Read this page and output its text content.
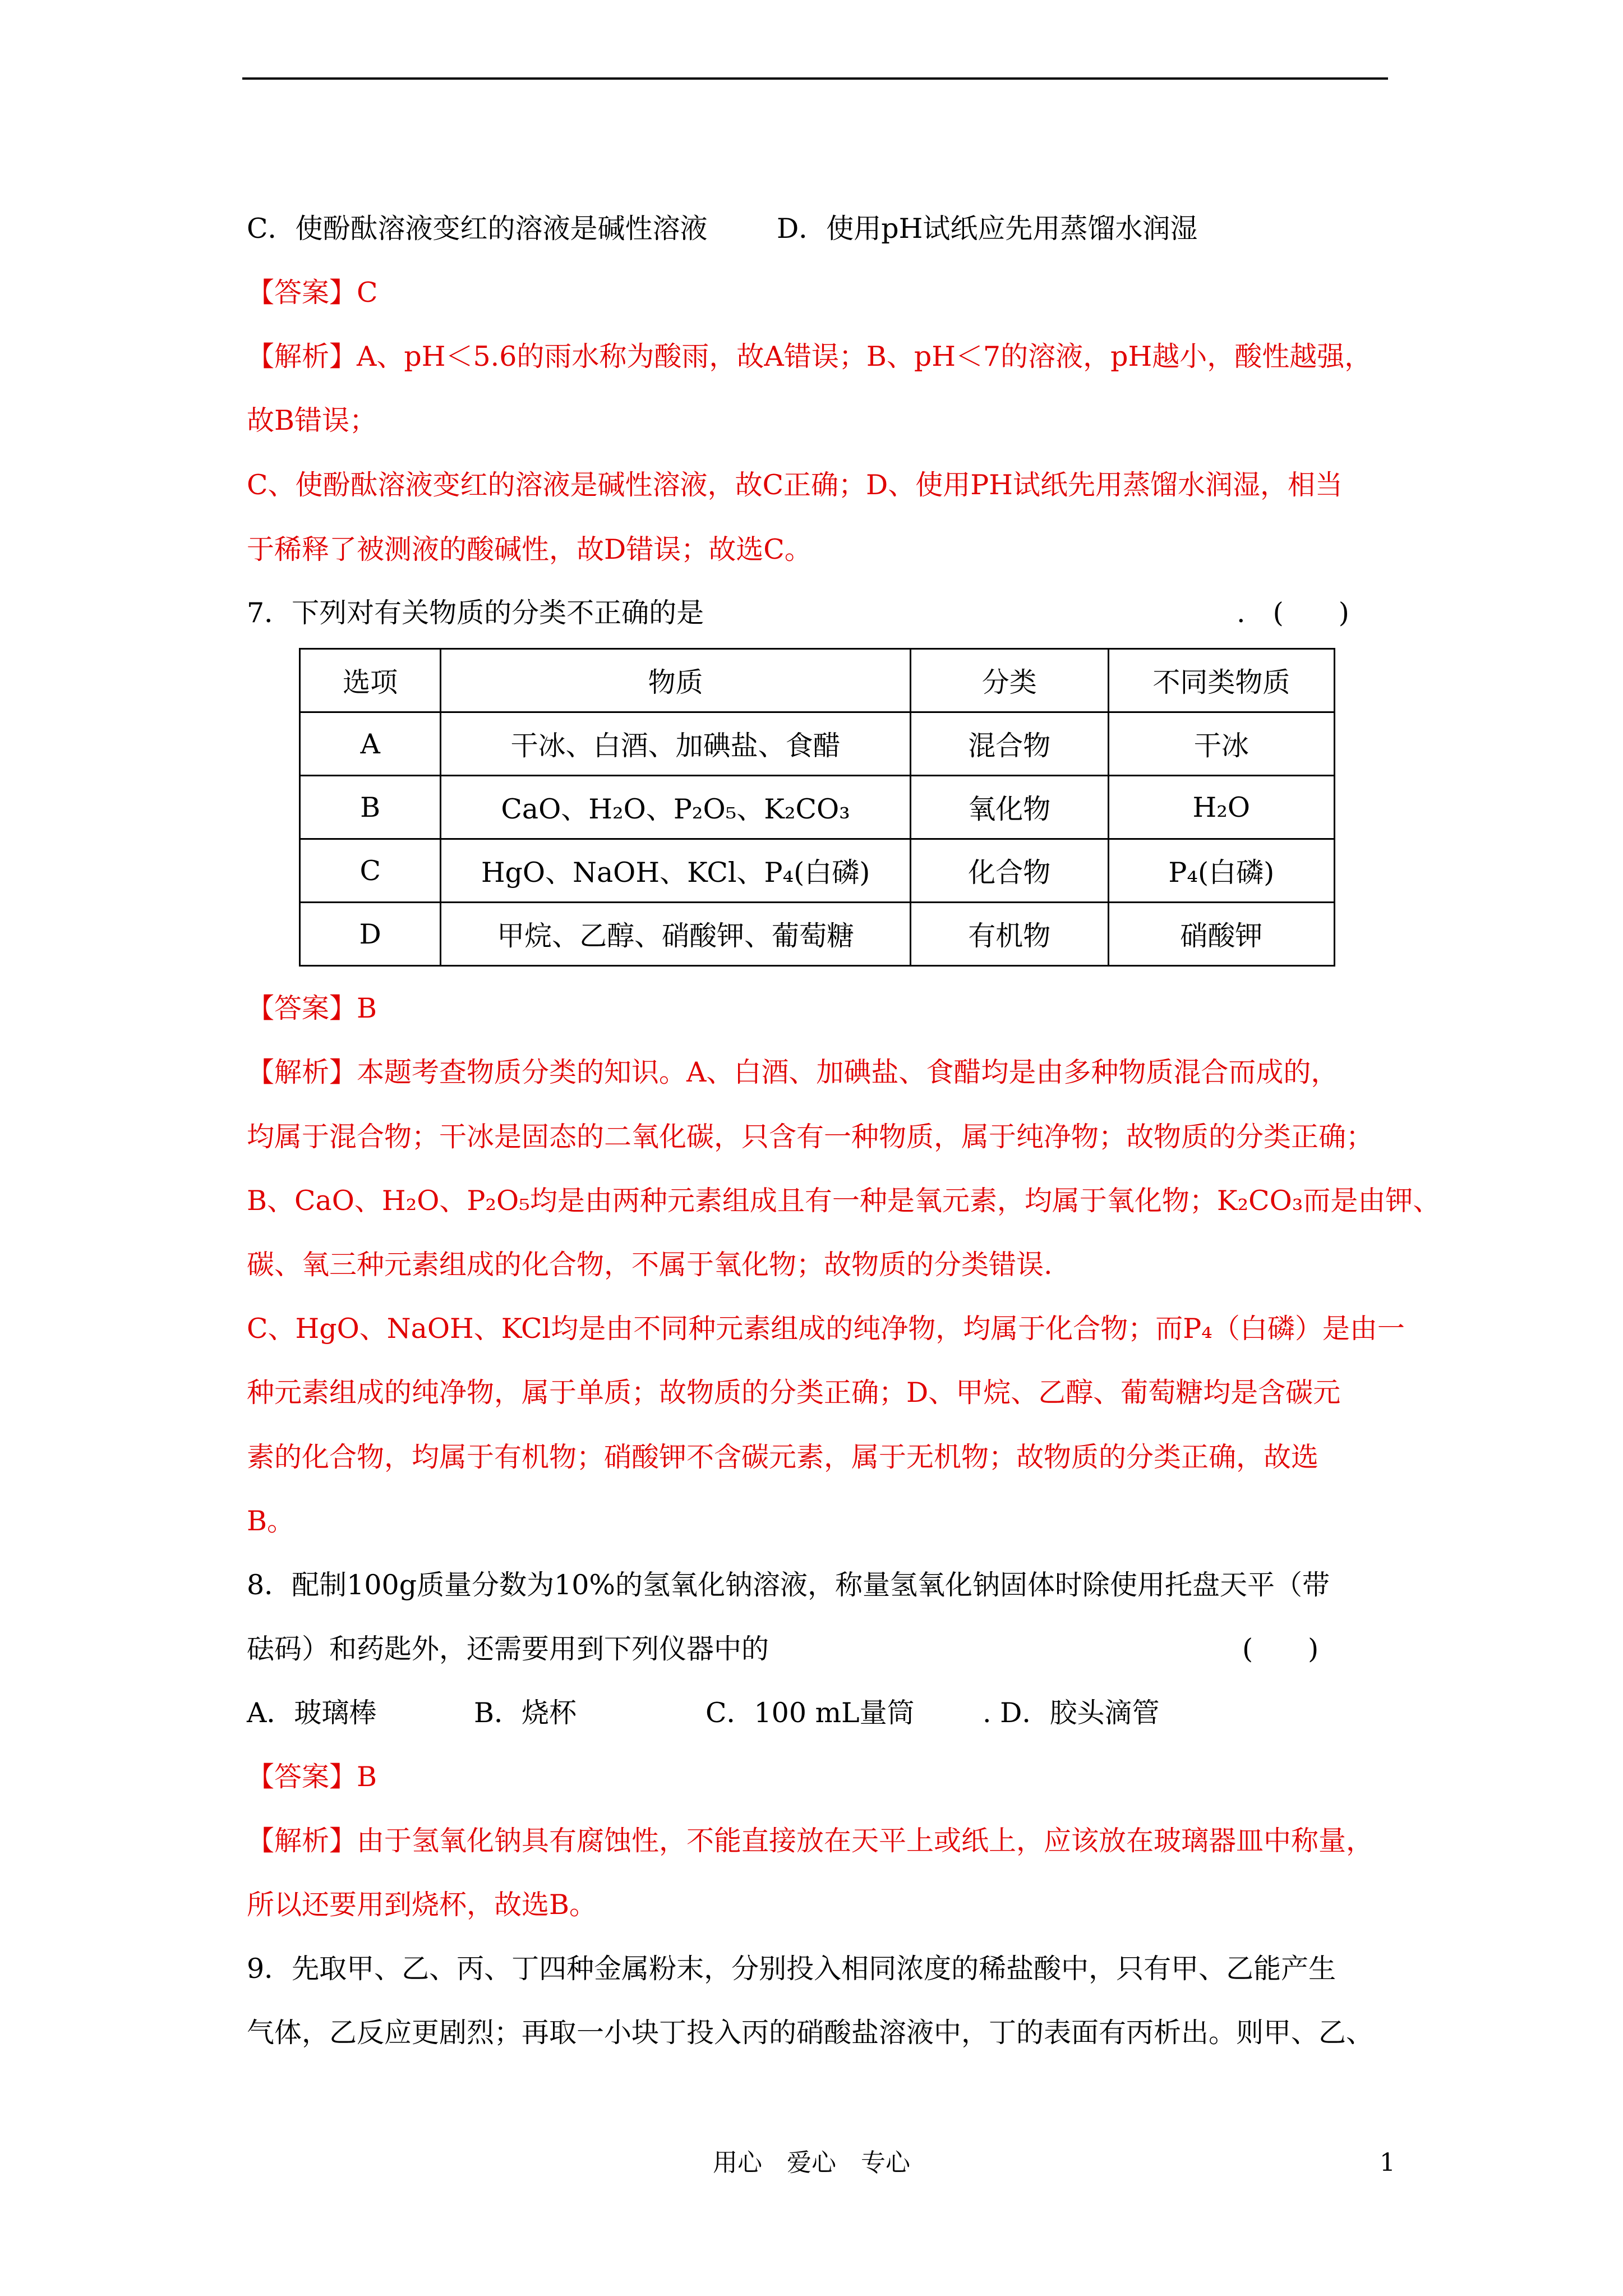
C．使酚酞溶液变红的溶液是碱性溶液	D．使用pH试纸应先用蒸馏水润湿
【答案】C
【解析】A、pH＜5.6的雨水称为酸雨，故A错误；B、pH＜7的溶液，pH越小，酸性越强，
故B错误；
C、使酚酞溶液变红的溶液是碱性溶液，故C正确；D、使用PH试纸先用蒸馏水润湿，相当
于稀释了被测液的酸碱性，故D错误；故选C。
7．下列对有关物质的分类不正确的是	.　(　　)
选项	物质	分类	不同类物质
A	干冰、白酒、加碘盐、食醋	混合物	干冰
B	CaO、H₂O、P₂O₅、K₂CO₃	氧化物	H₂O
C	HgO、NaOH、KCl、P₄(白磷)	化合物	P₄(白磷)
D	甲烷、乙醇、硝酸钾、葡萄糖	有机物	硝酸钾
【答案】B
【解析】本题考查物质分类的知识。A、白酒、加碘盐、食醋均是由多种物质混合而成的，
均属于混合物；干冰是固态的二氧化碳，只含有一种物质，属于纯净物；故物质的分类正确；
B、CaO、H₂O、P₂O₅均是由两种元素组成且有一种是氧元素，均属于氧化物；K₂CO₃而是由钾、
碳、氧三种元素组成的化合物，不属于氧化物；故物质的分类错误.
C、HgO、NaOH、KCl均是由不同种元素组成的纯净物，均属于化合物；而P₄（白磷）是由一
种元素组成的纯净物，属于单质；故物质的分类正确；D、甲烷、乙醇、葡萄糖均是含碳元
素的化合物，均属于有机物；硝酸钾不含碳元素，属于无机物；故物质的分类正确，故选
B。
8．配制100g质量分数为10%的氢氧化钠溶液，称量氢氧化钠固体时除使用托盘天平（带
砝码）和药匙外，还需要用到下列仪器中的	(　　)
A．玻璃棒	B．烧杯	C．100 mL量筒 . D．胶头滴管
【答案】B
【解析】由于氢氧化钠具有腐蚀性，不能直接放在天平上或纸上，应该放在玻璃器皿中称量，
所以还要用到烧杯，故选B。
9．先取甲、乙、丙、丁四种金属粉末，分别投入相同浓度的稀盐酸中，只有甲、乙能产生
气体，乙反应更剧烈；再取一小块丁投入丙的硝酸盐溶液中，丁的表面有丙析出。则甲、乙、
用心　爱心　专心	1
